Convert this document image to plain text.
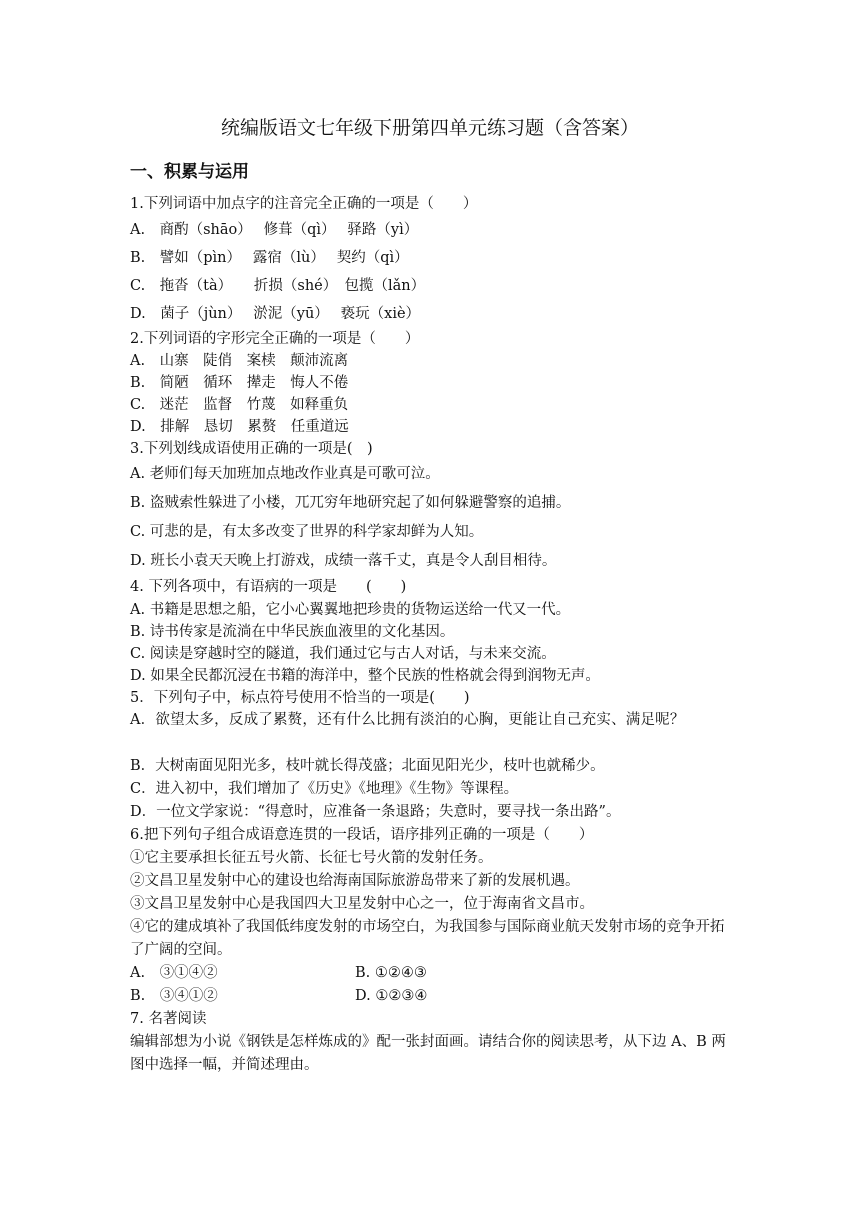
统编版语文七年级下册第四单元练习题（含答案）
一、积累与运用
1.下列词语中加点字的注音完全正确的一项是（　　）
A.　商酌（shāo）　 修葺（qì）　 驿路（yì）
B.　譬如（pìn）　 露宿（lù）　 契约（qì）
C.　拖沓（tà）　　折损（shé）　包揽（lǎn）
D.　菌子（jùn）　 淤泥（yū）　 亵玩（xiè）
2.下列词语的字形完全正确的一项是（　　）
A.　山寨　陡俏　案椟　颠沛流离
B.　简陋　循环　撵走　悔人不倦
C.　迷茫　监督　竹蔑　如释重负
D.　排解　恳切　累赘　任重道远
3.下列划线成语使用正确的一项是(　)
A. 老师们每天加班加点地改作业真是可歌可泣。
B. 盗贼索性躲进了小楼，兀兀穷年地研究起了如何躲避警察的追捕。
C. 可悲的是，有太多改变了世界的科学家却鲜为人知。
D. 班长小袁天天晚上打游戏，成绩一落千丈，真是令人刮目相待。
4. 下列各项中，有语病的一项是　　(　　)
A. 书籍是思想之船，它小心翼翼地把珍贵的货物运送给一代又一代。
B. 诗书传家是流淌在中华民族血液里的文化基因。
C. 阅读是穿越时空的隧道，我们通过它与古人对话，与未来交流。
D. 如果全民都沉浸在书籍的海洋中，整个民族的性格就会得到润物无声。
5．下列句子中，标点符号使用不恰当的一项是(　　)
A．欲望太多，反成了累赘，还有什么比拥有淡泊的心胸，更能让自己充实、满足呢？
B．大树南面见阳光多，枝叶就长得茂盛；北面见阳光少，枝叶也就稀少。
C．进入初中，我们增加了《历史》《地理》《生物》等课程。
D．一位文学家说：“得意时，应准备一条退路；失意时，要寻找一条出路”。
6.把下列句子组合成语意连贯的一段话，语序排列正确的一项是（　　）
①它主要承担长征五号火箭、长征七号火箭的发射任务。
②文昌卫星发射中心的建设也给海南国际旅游岛带来了新的发展机遇。
③文昌卫星发射中心是我国四大卫星发射中心之一，位于海南省文昌市。
④它的建成填补了我国低纬度发射的市场空白，为我国参与国际商业航天发射市场的竞争开拓了广阔的空间。
A.　③①④②	B. ①②④③
B.　③④①②	D. ①②③④
7. 名著阅读
编辑部想为小说《钢铁是怎样炼成的》配一张封面画。请结合你的阅读思考，从下边 A、B 两图中选择一幅，并简述理由。
